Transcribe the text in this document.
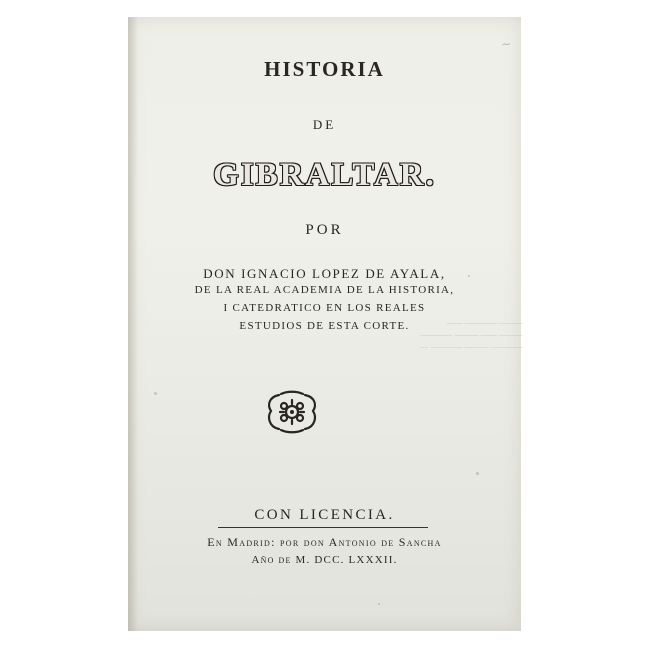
——— ———— ——
——— —— ——— ————
———— ——— ———— —
~
HISTORIA
DE
GIBRALTAR.
POR
DON IGNACIO LOPEZ DE AYALA,
DE LA REAL ACADEMIA DE LA HISTORIA,
I CATEDRATICO EN LOS REALES
ESTUDIOS DE ESTA CORTE.
CON LICENCIA.
En Madrid: por don Antonio de Sancha
Año de M. DCC. LXXXII.
